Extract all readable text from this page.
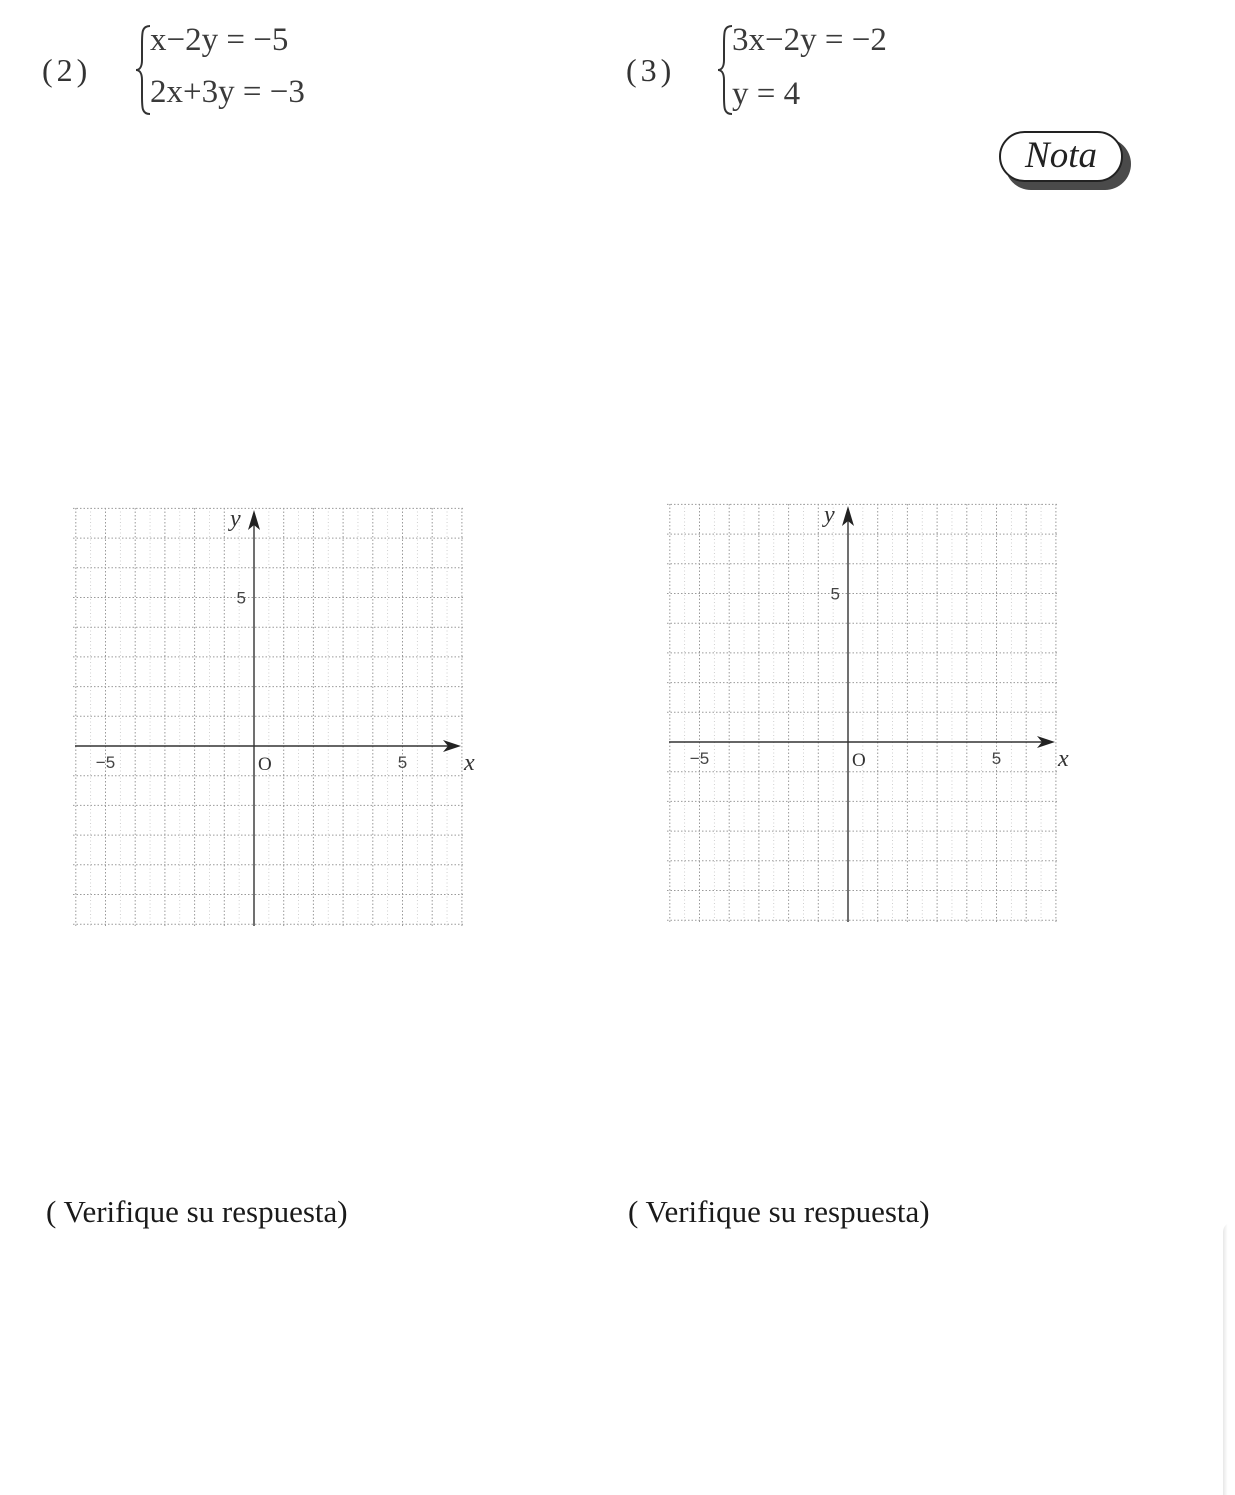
(2)
x−2y = −5
2x+3y = −3
(3)
3x−2y = −2
y = 4
Nota
x
y
O
−5	5
5
x
y
O
−5	5
5
( Verifique su respuesta)	( Verifique su respuesta)
